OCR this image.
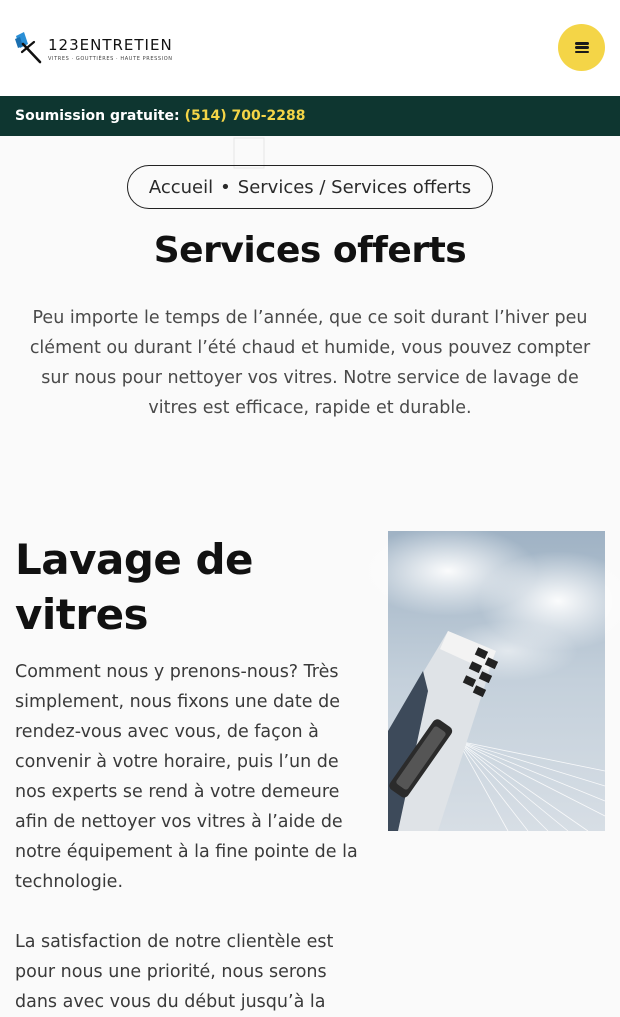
123ENTRETIEN
VITRES · GOUTTIÈRES · HAUTE PRESSION
Soumission gratuite: (514) 700-2288
Accueil • Services / Services offerts
Services offerts

Peu importe le temps de l’année, que ce soit durant l’hiver peu clément ou durant l’été chaud et humide, vous pouvez compter sur nous pour nettoyer vos vitres. Notre service de lavage de vitres est efficace, rapide et durable.

Lavage de vitres

Comment nous y prenons-nous? Très simplement, nous fixons une date de rendez-vous avec vous, de façon à convenir à votre horaire, puis l’un de nos experts se rend à votre demeure afin de nettoyer vos vitres à l’aide de notre équipement à la fine pointe de la technologie.

La satisfaction de notre clientèle est pour nous une priorité, nous serons dans avec vous du début jusqu’à la
